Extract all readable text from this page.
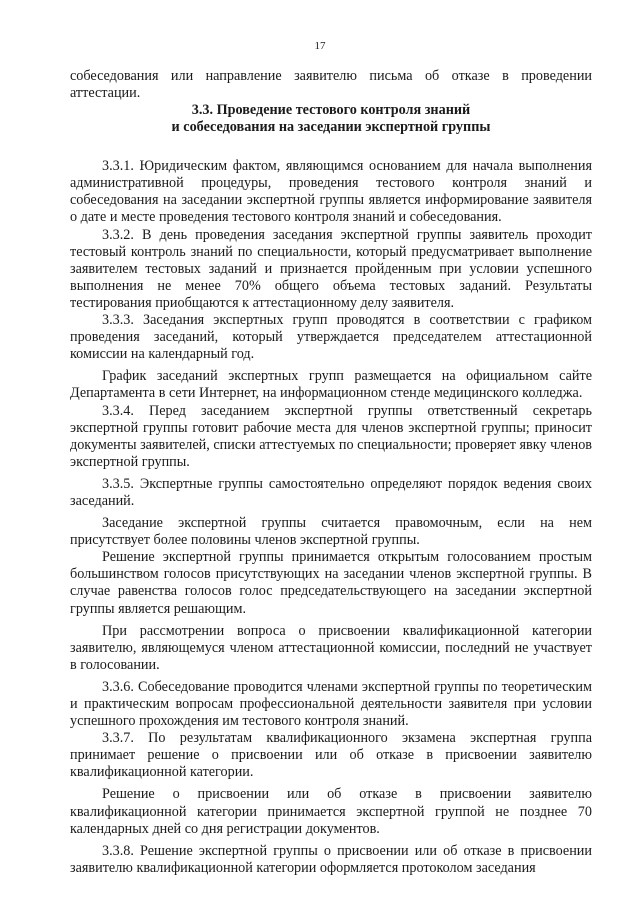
17

собеседования или направление заявителю письма об отказе в проведении аттестации.

3.3. Проведение тестового контроля знаний
и собеседования на заседании экспертной группы

3.3.1. Юридическим фактом, являющимся основанием для начала выполнения административной процедуры, проведения тестового контроля знаний и собеседования на заседании экспертной группы является информирование заявителя о дате и месте проведения тестового контроля знаний и собеседования.

3.3.2. В день проведения заседания экспертной группы заявитель проходит тестовый контроль знаний по специальности, который предусматривает выполнение заявителем тестовых заданий и признается пройденным при условии успешного выполнения не менее 70% общего объема тестовых заданий. Результаты тестирования приобщаются к аттестационному делу заявителя.

3.3.3. Заседания экспертных групп проводятся в соответствии с графиком проведения заседаний, который утверждается председателем аттестационной комиссии на календарный год.

График заседаний экспертных групп размещается на официальном сайте Департамента в сети Интернет, на информационном стенде медицинского колледжа.

3.3.4. Перед заседанием экспертной группы ответственный секретарь экспертной группы готовит рабочие места для членов экспертной группы; приносит документы заявителей, списки аттестуемых по специальности; проверяет явку членов экспертной группы.

3.3.5. Экспертные группы самостоятельно определяют порядок ведения своих заседаний.

Заседание экспертной группы считается правомочным, если на нем присутствует более половины членов экспертной группы.

Решение экспертной группы принимается открытым голосованием простым большинством голосов присутствующих на заседании членов экспертной группы. В случае равенства голосов голос председательствующего на заседании экспертной группы является решающим.

При рассмотрении вопроса о присвоении квалификационной категории заявителю, являющемуся членом аттестационной комиссии, последний не участвует в голосовании.

3.3.6. Собеседование проводится членами экспертной группы по теоретическим и практическим вопросам профессиональной деятельности заявителя при условии успешного прохождения им тестового контроля знаний.

3.3.7. По результатам квалификационного экзамена экспертная группа принимает решение о присвоении или об отказе в присвоении заявителю квалификационной категории.

Решение о присвоении или об отказе в присвоении заявителю квалификационной категории принимается экспертной группой не позднее 70 календарных дней со дня регистрации документов.

3.3.8. Решение экспертной группы о присвоении или об отказе в присвоении заявителю квалификационной категории оформляется протоколом заседания
